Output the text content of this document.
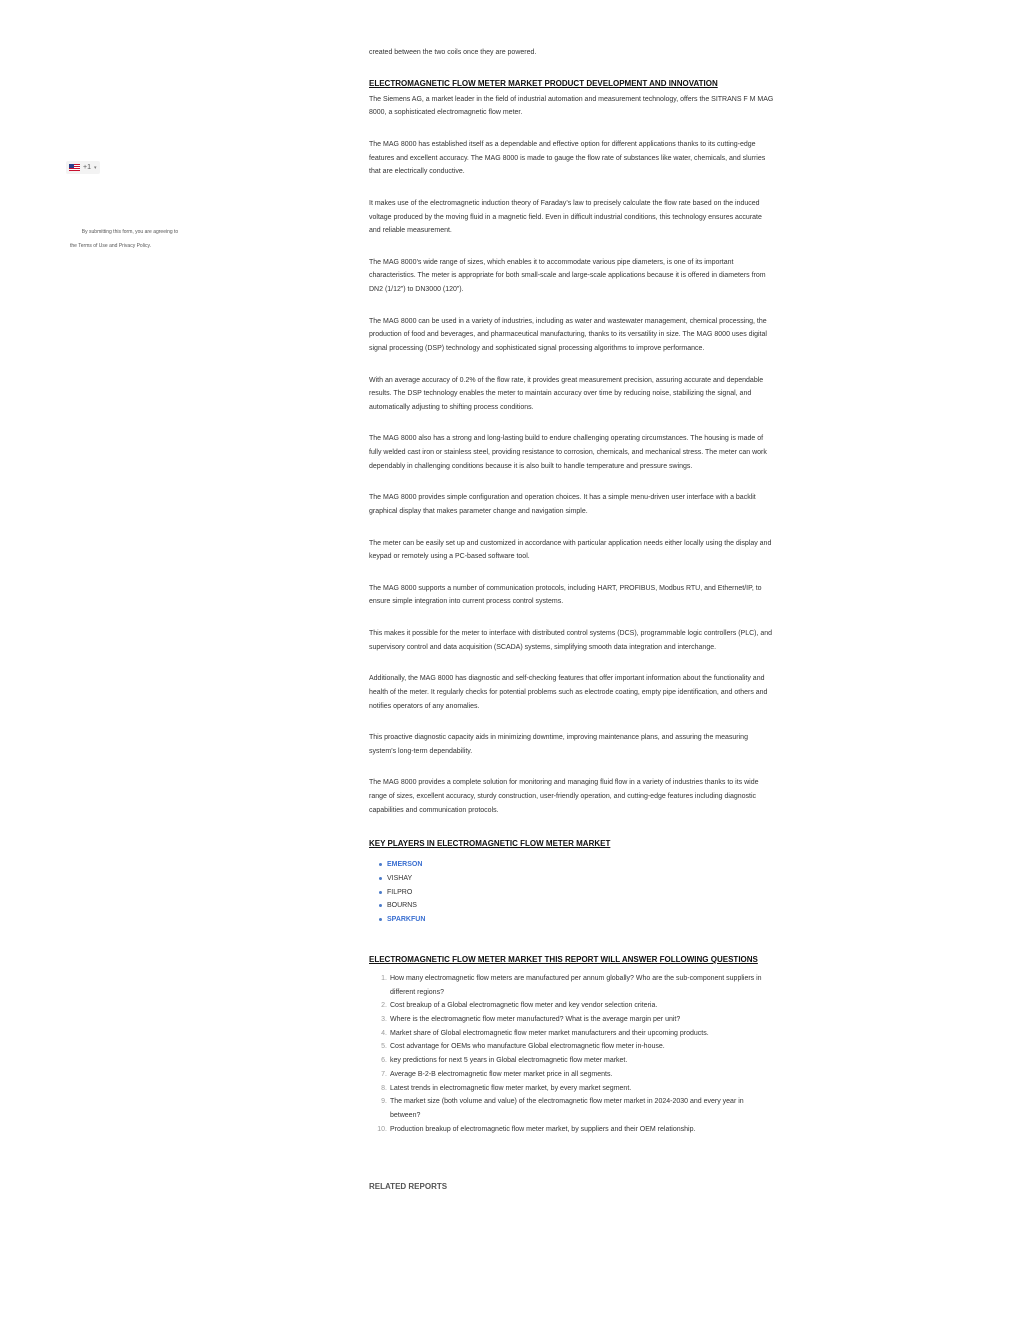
+1 ▾
By submitting this form, you are agreeing to
the Terms of Use and Privacy Policy.

created between the two coils once they are powered.

ELECTROMAGNETIC FLOW METER MARKET PRODUCT DEVELOPMENT AND INNOVATION

The Siemens AG, a market leader in the field of industrial automation and measurement technology, offers the SITRANS F M MAG 8000, a sophisticated electromagnetic flow meter.

The MAG 8000 has established itself as a dependable and effective option for different applications thanks to its cutting-edge features and excellent accuracy. The MAG 8000 is made to gauge the flow rate of substances like water, chemicals, and slurries that are electrically conductive.

It makes use of the electromagnetic induction theory of Faraday’s law to precisely calculate the flow rate based on the induced voltage produced by the moving fluid in a magnetic field. Even in difficult industrial conditions, this technology ensures accurate and reliable measurement.

The MAG 8000’s wide range of sizes, which enables it to accommodate various pipe diameters, is one of its important characteristics. The meter is appropriate for both small-scale and large-scale applications because it is offered in diameters from DN2 (1/12”) to DN3000 (120”).

The MAG 8000 can be used in a variety of industries, including as water and wastewater management, chemical processing, the production of food and beverages, and pharmaceutical manufacturing, thanks to its versatility in size. The MAG 8000 uses digital signal processing (DSP) technology and sophisticated signal processing algorithms to improve performance.

With an average accuracy of 0.2% of the flow rate, it provides great measurement precision, assuring accurate and dependable results. The DSP technology enables the meter to maintain accuracy over time by reducing noise, stabilizing the signal, and automatically adjusting to shifting process conditions.

The MAG 8000 also has a strong and long-lasting build to endure challenging operating circumstances. The housing is made of fully welded cast iron or stainless steel, providing resistance to corrosion, chemicals, and mechanical stress. The meter can work dependably in challenging conditions because it is also built to handle temperature and pressure swings.

The MAG 8000 provides simple configuration and operation choices. It has a simple menu-driven user interface with a backlit graphical display that makes parameter change and navigation simple.

The meter can be easily set up and customized in accordance with particular application needs either locally using the display and keypad or remotely using a PC-based software tool.

The MAG 8000 supports a number of communication protocols, including HART, PROFIBUS, Modbus RTU, and Ethernet/IP, to ensure simple integration into current process control systems.

This makes it possible for the meter to interface with distributed control systems (DCS), programmable logic controllers (PLC), and supervisory control and data acquisition (SCADA) systems, simplifying smooth data integration and interchange.

Additionally, the MAG 8000 has diagnostic and self-checking features that offer important information about the functionality and health of the meter. It regularly checks for potential problems such as electrode coating, empty pipe identification, and others and notifies operators of any anomalies.

This proactive diagnostic capacity aids in minimizing downtime, improving maintenance plans, and assuring the measuring system’s long-term dependability.

The MAG 8000 provides a complete solution for monitoring and managing fluid flow in a variety of industries thanks to its wide range of sizes, excellent accuracy, sturdy construction, user-friendly operation, and cutting-edge features including diagnostic capabilities and communication protocols.

KEY PLAYERS IN ELECTROMAGNETIC FLOW METER MARKET
EMERSON
VISHAY
FILPRO
BOURNS
SPARKFUN
ELECTROMAGNETIC FLOW METER MARKET THIS REPORT WILL ANSWER FOLLOWING QUESTIONS
1. How many electromagnetic flow meters are manufactured per annum globally? Who are the sub-component suppliers in different regions?
2. Cost breakup of a Global electromagnetic flow meter and key vendor selection criteria.
3. Where is the electromagnetic flow meter manufactured? What is the average margin per unit?
4. Market share of Global electromagnetic flow meter market manufacturers and their upcoming products.
5. Cost advantage for OEMs who manufacture Global electromagnetic flow meter in-house.
6. key predictions for next 5 years in Global electromagnetic flow meter market.
7. Average B-2-B electromagnetic flow meter market price in all segments.
8. Latest trends in electromagnetic flow meter market, by every market segment.
9. The market size (both volume and value) of the electromagnetic flow meter market in 2024-2030 and every year in between?
10. Production breakup of electromagnetic flow meter market, by suppliers and their OEM relationship.
RELATED REPORTS
